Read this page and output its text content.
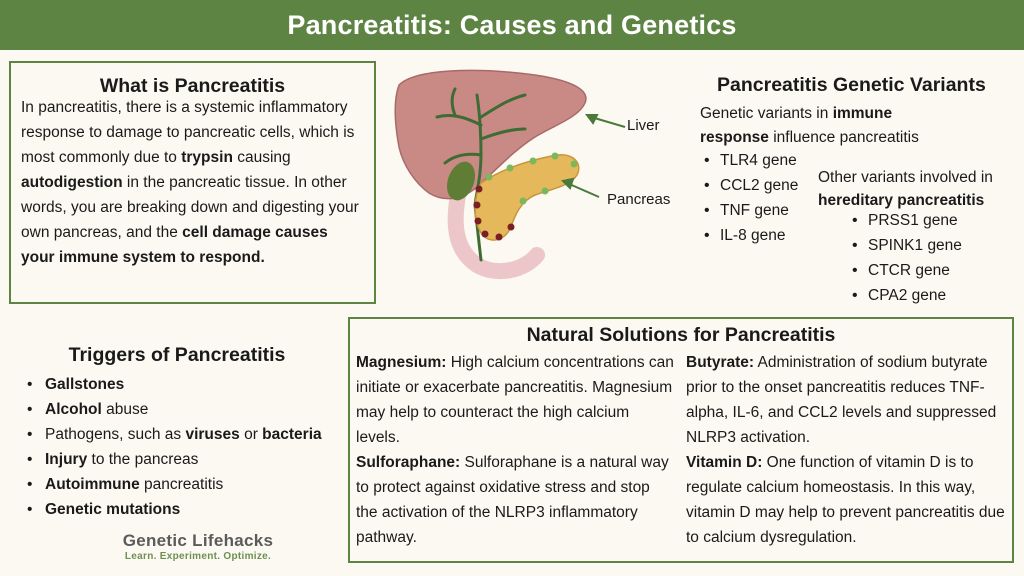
Pancreatitis: Causes and Genetics
What is Pancreatitis

In pancreatitis, there is a systemic inflammatory response to damage to pancreatic cells, which is most commonly due to trypsin causing autodigestion in the pancreatic tissue. In other words, you are breaking down and digesting your own pancreas, and the cell damage causes your immune system to respond.

Liver
Pancreas
Pancreatitis Genetic Variants
Genetic variants in immune response influence pancreatitis
• TLR4 gene
• CCL2 gene
• TNF gene
• IL-8 gene
Other variants involved in hereditary pancreatitis
• PRSS1 gene
• SPINK1 gene
• CTCR gene
• CPA2 gene
Triggers of Pancreatitis
• Gallstones
• Alcohol abuse
• Pathogens, such as viruses or bacteria
• Injury to the pancreas
• Autoimmune pancreatitis
• Genetic mutations
Natural Solutions for Pancreatitis

Magnesium: High calcium concentrations can initiate or exacerbate pancreatitis. Magnesium may help to counteract the high calcium levels.

Sulforaphane: Sulforaphane is a natural way to protect against oxidative stress and stop the activation of the NLRP3 inflammatory pathway.

Butyrate: Administration of sodium butyrate prior to the onset pancreatitis reduces TNF-alpha, IL-6, and CCL2 levels and suppressed NLRP3 activation.

Vitamin D: One function of vitamin D is to regulate calcium homeostasis. In this way, vitamin D may help to prevent pancreatitis due to calcium dysregulation.

Genetic Lifehacks
Learn. Experiment. Optimize.
